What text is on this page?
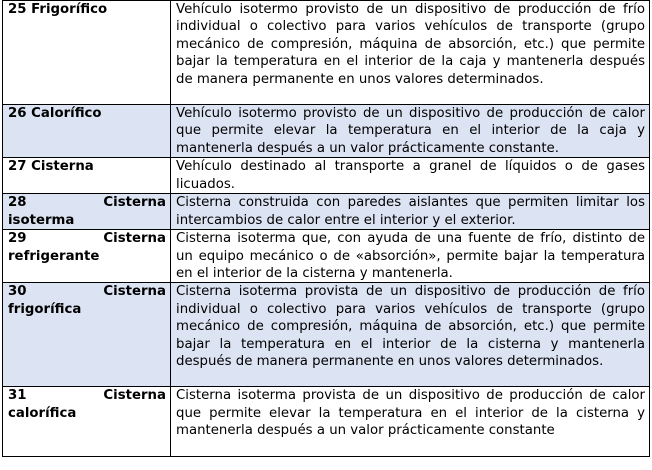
25 Frigorífico	Vehículo isotermo provisto de un dispositivo de producción de frío individual o colectivo para varios vehículos de transporte (grupo mecánico de compresión, máquina de absorción, etc.) que permite bajar la temperatura en el interior de la caja y mantenerla después de manera permanente en unos valores determinados.

26 Calorífico	Vehículo isotermo provisto de un dispositivo de producción de calor que permite elevar la temperatura en el interior de la caja y mantenerla después a un valor prácticamente constante.

27 Cisterna	Vehículo destinado al transporte a granel de líquidos o de gases licuados.

28 Cisterna
isoterma	Cisterna construida con paredes aislantes que permiten limitar los intercambios de calor entre el interior y el exterior.

29 Cisterna
refrigerante	Cisterna isoterma que, con ayuda de una fuente de frío, distinto de un equipo mecánico o de «absorción», permite bajar la temperatura en el interior de la cisterna y mantenerla.

30 Cisterna
frigorífica	Cisterna isoterma provista de un dispositivo de producción de frío individual o colectivo para varios vehículos de transporte (grupo mecánico de compresión, máquina de absorción, etc.) que permite bajar la temperatura en el interior de la cisterna y mantenerla después de manera permanente en unos valores determinados.

31 Cisterna
calorífica	Cisterna isoterma provista de un dispositivo de producción de calor que permite elevar la temperatura en el interior de la cisterna y mantenerla después a un valor prácticamente constante
